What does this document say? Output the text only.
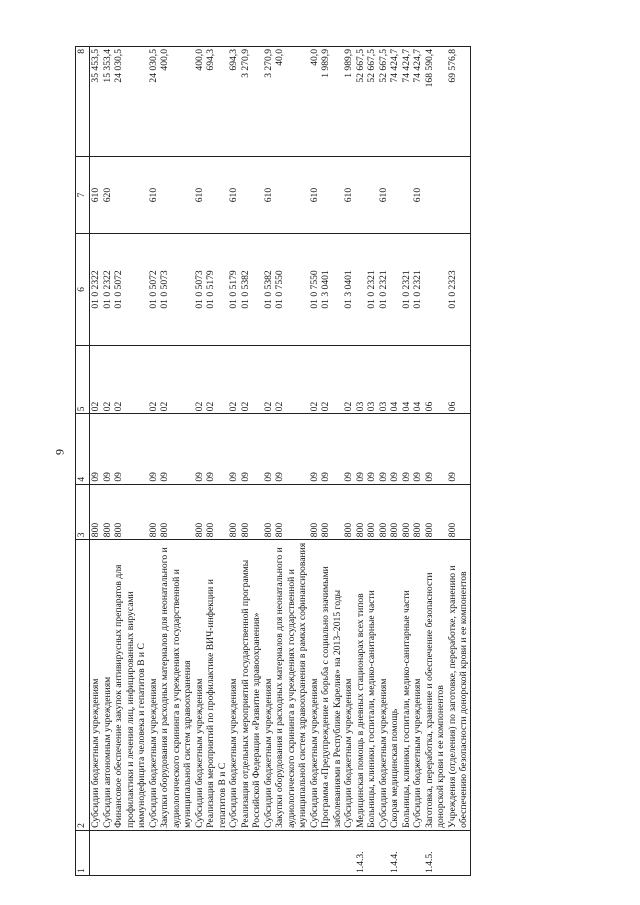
9
1	2	3	4	5	6	7	8
	Субсидии бюджетным учреждениям	800	09	02	01 0 2322	610	35 453,5
	Субсидии автономным учреждениям	800	09	02	01 0 2322	620	15 353,4
	Финансовое обеспечение закупок антивирусных препаратов для профилактики и лечения лиц, инфицированных вирусами иммунодефицита человека и гепатитов В и С	800	09	02	01 0 5072		24 030,5
	Субсидии бюджетным учреждениям	800	09	02	01 0 5072	610	24 030,5
	Закупки оборудования и расходных материалов для неонатального и аудиологического скрининга в учреждениях государственной и муниципальной систем здравоохранения	800	09	02	01 0 5073		400,0
	Субсидии бюджетным учреждениям	800	09	02	01 0 5073	610	400,0
	Реализация мероприятий по профилактике ВИЧ-инфекции и гепатитов В и С	800	09	02	01 0 5179		694,3
	Субсидии бюджетным учреждениям	800	09	02	01 0 5179	610	694,3
	Реализация отдельных мероприятий государственной программы Российской Федерации «Развитие здравоохранения»	800	09	02	01 0 5382		3 270,9
	Субсидии бюджетным учреждениям	800	09	02	01 0 5382	610	3 270,9
	Закупки оборудования и расходных материалов для неонатального и аудиологического скрининга в учреждениях государственной и муниципальной систем здравоохранения в рамках софинансирования	800	09	02	01 0 7550		40,0
	Субсидии бюджетным учреждениям	800	09	02	01 0 7550	610	40,0
	Программа «Предупреждение и борьба с социально значимыми заболеваниями в Республике Карелия» на 2013–2015 годы	800	09	02	01 3 0401		1 989,9
	Субсидии бюджетным учреждениям	800	09	02	01 3 0401	610	1 989,9
1.4.3.	Медицинская помощь в дневных стационарах всех типов	800	09	03			52 667,5
	Больницы, клиники, госпитали, медико-санитарные части	800	09	03	01 0 2321		52 667,5
	Субсидии бюджетным учреждениям	800	09	03	01 0 2321	610	52 667,5
1.4.4.	Скорая медицинская помощь	800	09	04			74 424,7
	Больницы, клиники, госпитали, медико-санитарные части	800	09	04	01 0 2321		74 424,7
	Субсидии бюджетным учреждениям	800	09	04	01 0 2321	610	74 424,7
1.4.5.	Заготовка, переработка, хранение и обеспечение безопасности донорской крови и ее компонентов	800	09	06			168 590,4
	Учреждения (отделения) по заготовке, переработке, хранению и обеспечению безопасности донорской крови и ее компонентов	800	09	06	01 0 2323		69 576,8
